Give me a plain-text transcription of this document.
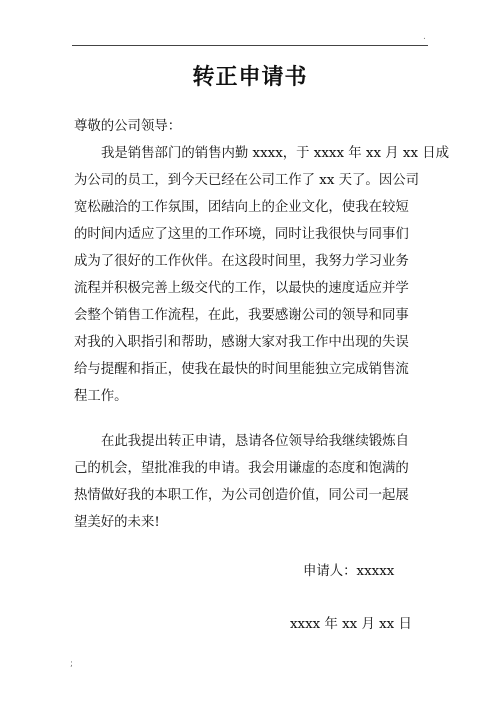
.
转正申请书
尊敬的公司领导：
我是销售部门的销售内勤 xxxx，于 xxxx 年 xx 月 xx 日成
为公司的员工，到今天已经在公司工作了 xx 天了。因公司
宽松融洽的工作氛围，团结向上的企业文化，使我在较短
的时间内适应了这里的工作环境，同时让我很快与同事们
成为了很好的工作伙伴。在这段时间里，我努力学习业务
流程并积极完善上级交代的工作，以最快的速度适应并学
会整个销售工作流程，在此，我要感谢公司的领导和同事
对我的入职指引和帮助，感谢大家对我工作中出现的失误
给与提醒和指正，使我在最快的时间里能独立完成销售流
程工作。
在此我提出转正申请，恳请各位领导给我继续锻炼自
己的机会，望批准我的申请。我会用谦虚的态度和饱满的
热情做好我的本职工作，为公司创造价值，同公司一起展
望美好的未来!
申请人：xxxxx
xxxx 年 xx 月 xx 日
;
